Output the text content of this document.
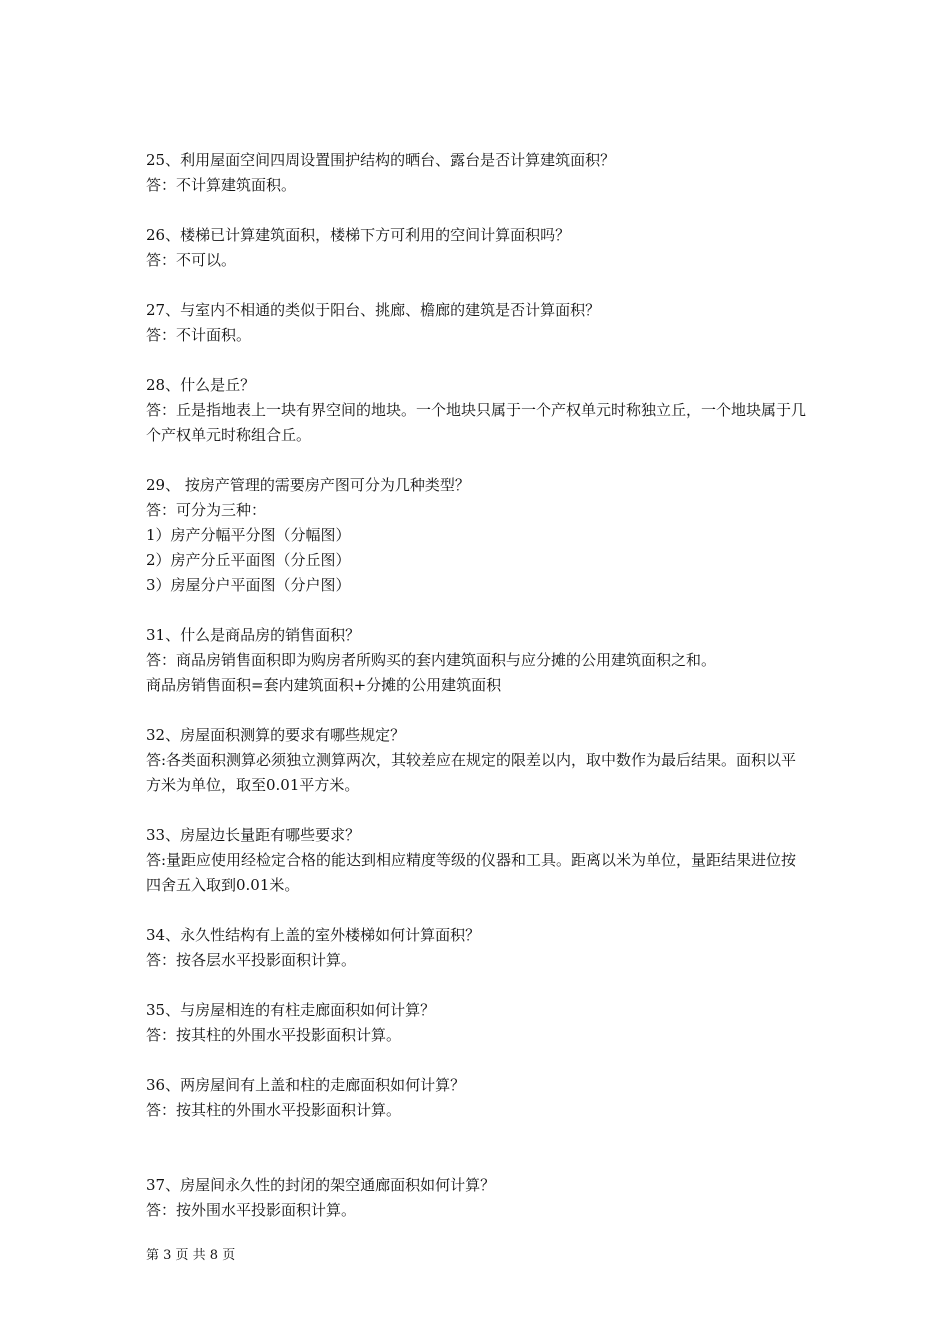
25、利用屋面空间四周设置围护结构的晒台、露台是否计算建筑面积？

答：不计算建筑面积。

26、楼梯已计算建筑面积，楼梯下方可利用的空间计算面积吗？

答：不可以。

27、与室内不相通的类似于阳台、挑廊、檐廊的建筑是否计算面积？

答：不计面积。

28、什么是丘？

答：丘是指地表上一块有界空间的地块。一个地块只属于一个产权单元时称独立丘，一个地块属于几个产权单元时称组合丘。

29、 按房产管理的需要房产图可分为几种类型？

答：可分为三种：

1）房产分幅平分图（分幅图）

2）房产分丘平面图（分丘图）

3）房屋分户平面图（分户图）

31、什么是商品房的销售面积？

答：商品房销售面积即为购房者所购买的套内建筑面积与应分摊的公用建筑面积之和。

商品房销售面积=套内建筑面积+分摊的公用建筑面积

32、房屋面积测算的要求有哪些规定？

答:各类面积测算必须独立测算两次，其较差应在规定的限差以内，取中数作为最后结果。面积以平方米为单位，取至0.01平方米。

33、房屋边长量距有哪些要求？

答:量距应使用经检定合格的能达到相应精度等级的仪器和工具。距离以米为单位，量距结果进位按四舍五入取到0.01米。

34、永久性结构有上盖的室外楼梯如何计算面积？

答：按各层水平投影面积计算。

35、与房屋相连的有柱走廊面积如何计算？

答：按其柱的外围水平投影面积计算。

36、两房屋间有上盖和柱的走廊面积如何计算？

答：按其柱的外围水平投影面积计算。

37、房屋间永久性的封闭的架空通廊面积如何计算？

答：按外围水平投影面积计算。

第 3 页 共 8 页
